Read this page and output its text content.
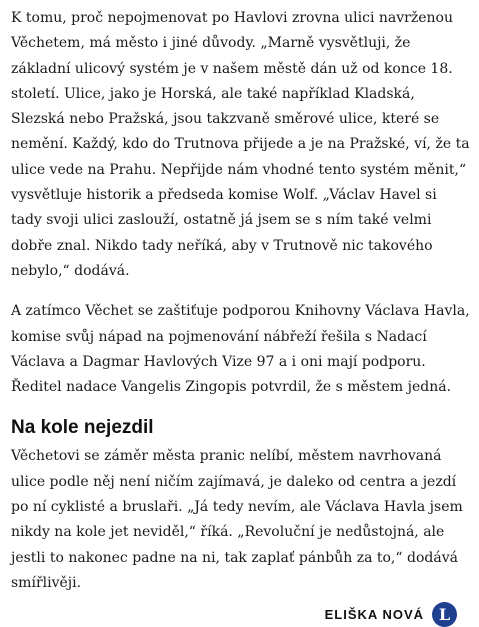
K tomu, proč nepojmenovat po Havlovi zrovna ulici navrženou Věchetem, má město i jiné důvody. „Marně vysvětluji, že základní ulicový systém je v našem městě dán už od konce 18. století. Ulice, jako je Horská, ale také například Kladská, Slezská nebo Pražská, jsou takzvaně směrové ulice, které se nemění. Každý, kdo do Trutnova přijede a je na Pražské, ví, že ta ulice vede na Prahu. Nepřijde nám vhodné tento systém měnit,“ vysvětluje historik a předseda komise Wolf. „Václav Havel si tady svoji ulici zaslouží, ostatně já jsem se s ním také velmi dobře znal. Nikdo tady neříká, aby v Trutnově nic takového nebylo,“ dodává.

A zatímco Věchet se zaštiťuje podporou Knihovny Václava Havla, komise svůj nápad na pojmenování nábřeží řešila s Nadací Václava a Dagmar Havlových Vize 97 a i oni mají podporu. Ředitel nadace Vangelis Zingopis potvrdil, že s městem jedná.

Na kole nejezdil

Věchetovi se záměr města pranic nelíbí, městem navrhovaná ulice podle něj není ničím zajímavá, je daleko od centra a jezdí po ní cyklisté a bruslaři. „Já tedy nevím, ale Václava Havla jsem nikdy na kole jet neviděl,“ říká. „Revoluční je nedůstojná, ale jestli to nakonec padne na ni, tak zaplať pánbůh za to,“ dodává smířlivěji.

ELIŠKA NOVÁ L
